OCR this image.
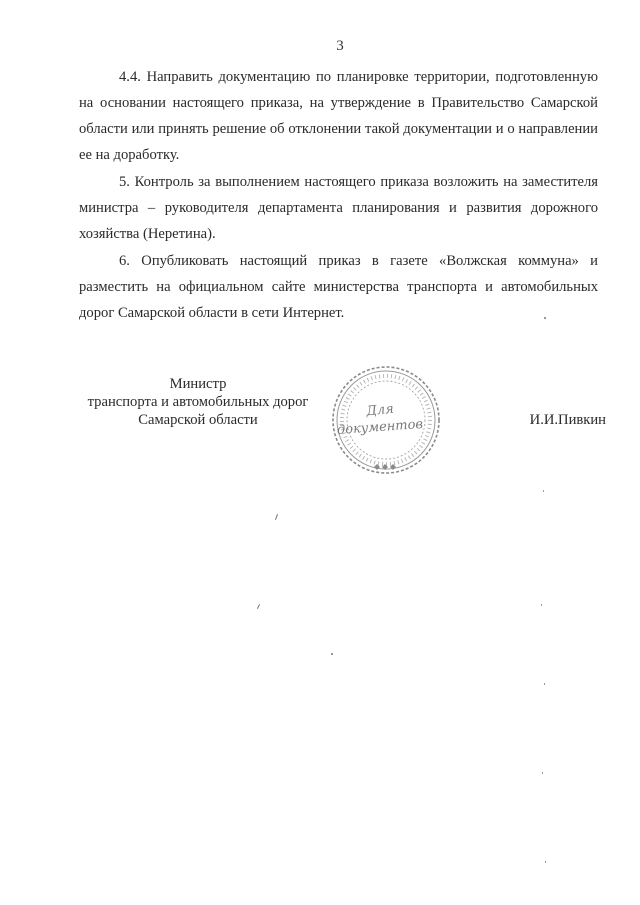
3

4.4. Направить документацию по планировке территории, подготовленную на основании настоящего приказа, на утверждение в Правительство Самарской области или принять решение об отклонении такой документации и о направлении ее на доработку.

5. Контроль за выполнением настоящего приказа возложить на заместителя министра – руководителя департамента планирования и развития дорожного хозяйства (Неретина).

6. Опубликовать настоящий приказ в газете «Волжская коммуна» и разместить на официальном сайте министерства транспорта и автомобильных дорог Самарской области в сети Интернет.

Министр
транспорта и автомобильных дорог
Самарской области
Для
документов	И.И.Пивкин
